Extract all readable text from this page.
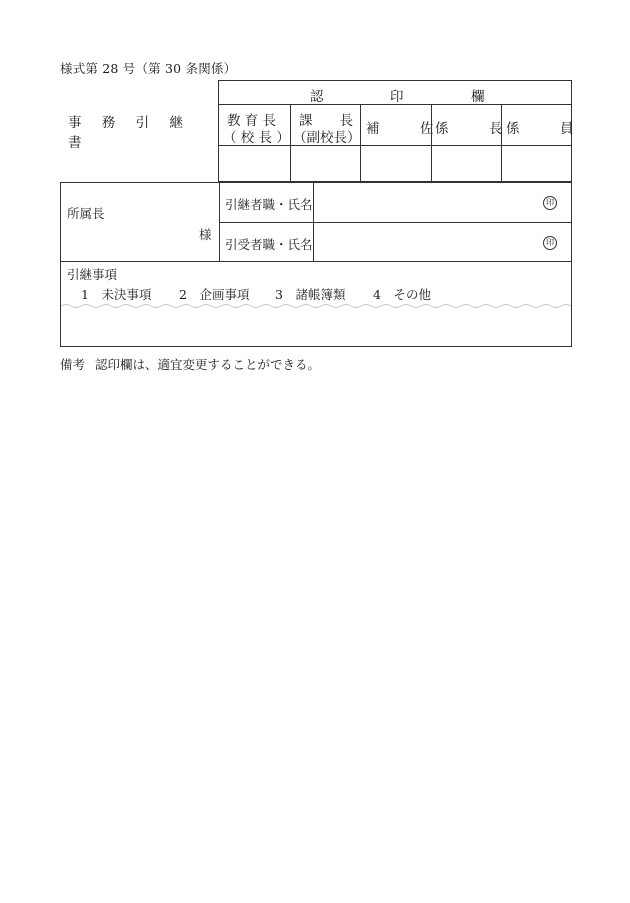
様式第 28 号（第 30 条関係）
事 務 引 継 書
認	印	欄
教 育 長
（ 校 長 ）
課　　長
（副校長）
補　　　佐 係　　　長 係　　　員
所属長
様
引継者職・氏名
引受者職・氏名
印
印
引継事項
1　未決事項 2　企画事項 3　諸帳簿類 4　その他
備考 認印欄は、適宜変更することができる。
